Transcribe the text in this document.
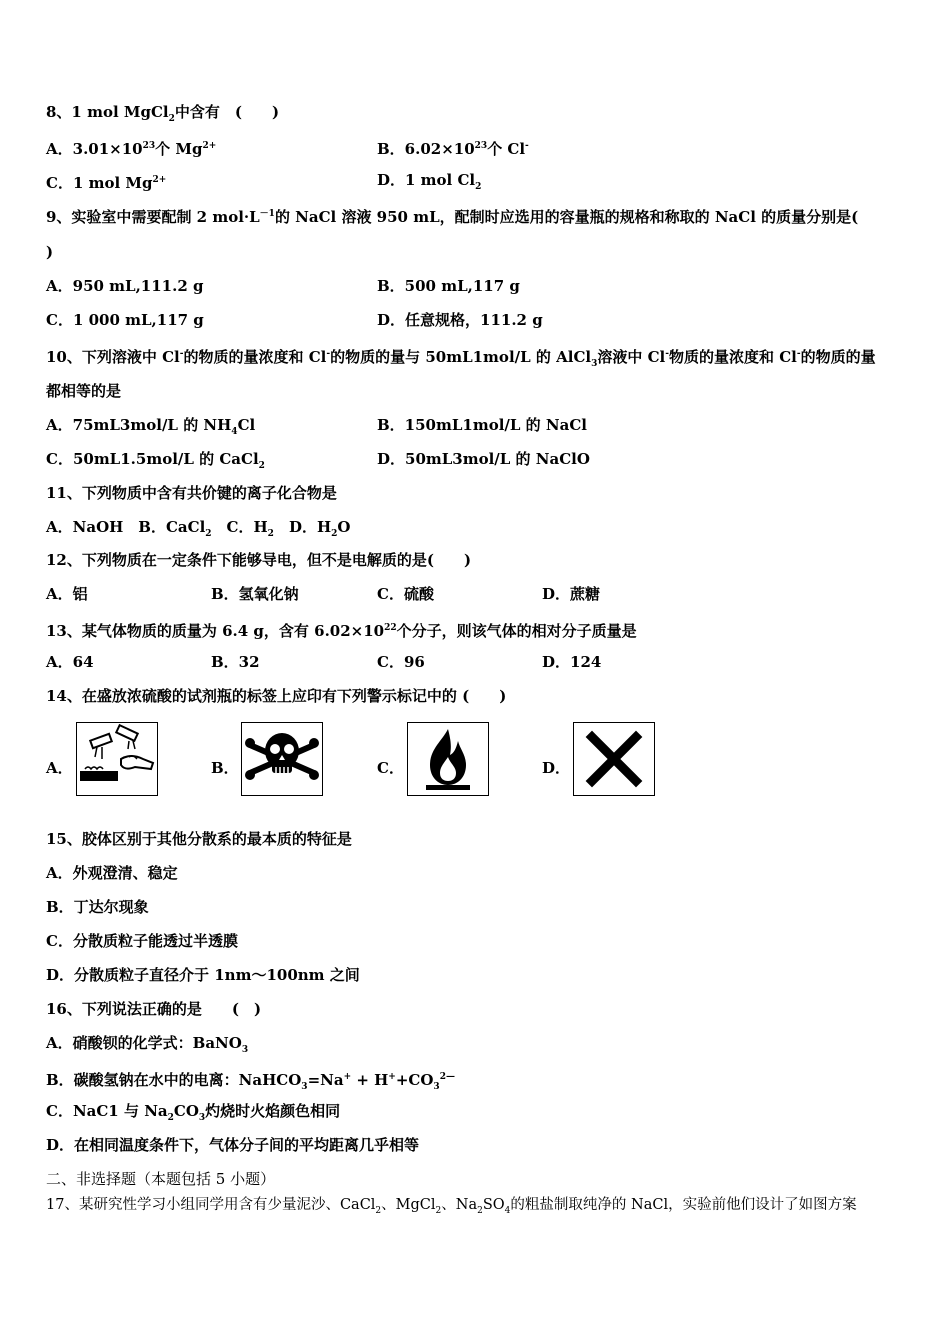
8、1 mol MgCl$_2$中含有　(　　)
A．$3.01\times 10^{23}$个 $Mg^{2+}$	B．$6.02\times 10^{23}$个 Cl-
C．1 mol $Mg^{2+}$	D．1 mol $Cl_2$
9、实验室中需要配制 2 $mol\cdot L^{-1}$的 NaCl 溶液 950 mL，配制时应选用的容量瓶的规格和称取的 NaCl 的质量分别是(
)
A．950 mL,111.2 g	B．500 mL,117 g
C．1 000 mL,117 g	D．任意规格，111.2 g
10、下列溶液中 Cl-的物质的量浓度和 Cl-的物质的量与 50mL1mol/L 的 AlCl$_3$溶液中 Cl-物质的量浓度和 Cl-的物质的量
都相等的是
A．75mL3mol/L 的 $NH_4Cl$	B．150mL1mol/L 的 NaCl
C．50mL1.5mol/L 的 CaCl$_2$	D．50mL3mol/L 的 NaClO
11、下列物质中含有共价键的离子化合物是
A．NaOH　B．CaCl$_2$　C．$H_2$　D．$H_2O$
12、下列物质在一定条件下能够导电，但不是电解质的是(　　)
A．铝	B．氢氧化钠	C．硫酸	D．蔗糖
13、某气体物质的质量为 6.4 g，含有 $6.02\times 10^{22}$个分子，则该气体的相对分子质量是
A．64	B．32	C．96	D．124
14、在盛放浓硫酸的试剂瓶的标签上应印有下列警示标记中的 (　　)
A．	B．	C．	D．
15、胶体区别于其他分散系的最本质的特征是
A．外观澄清、稳定
B．丁达尔现象
C．分散质粒子能透过半透膜
D．分散质粒子直径介于 1nm～100nm 之间
16、下列说法正确的是　　(　)
A．硝酸钡的化学式：BaNO$_3$
B．碳酸氢钠在水中的电离：NaHCO$_3$=Na+ + $H^++CO_3^{2—}$
C．NaC1 与 $Na_2CO_3$灼烧时火焰颜色相同
D．在相同温度条件下，气体分子间的平均距离几乎相等
二、非选择题（本题包括 5 小题）
17、某研究性学习小组同学用含有少量泥沙、CaCl$_2$、MgCl$_2$、$Na_2SO_4$的粗盐制取纯净的 NaCl，实验前他们设计了如图方案
